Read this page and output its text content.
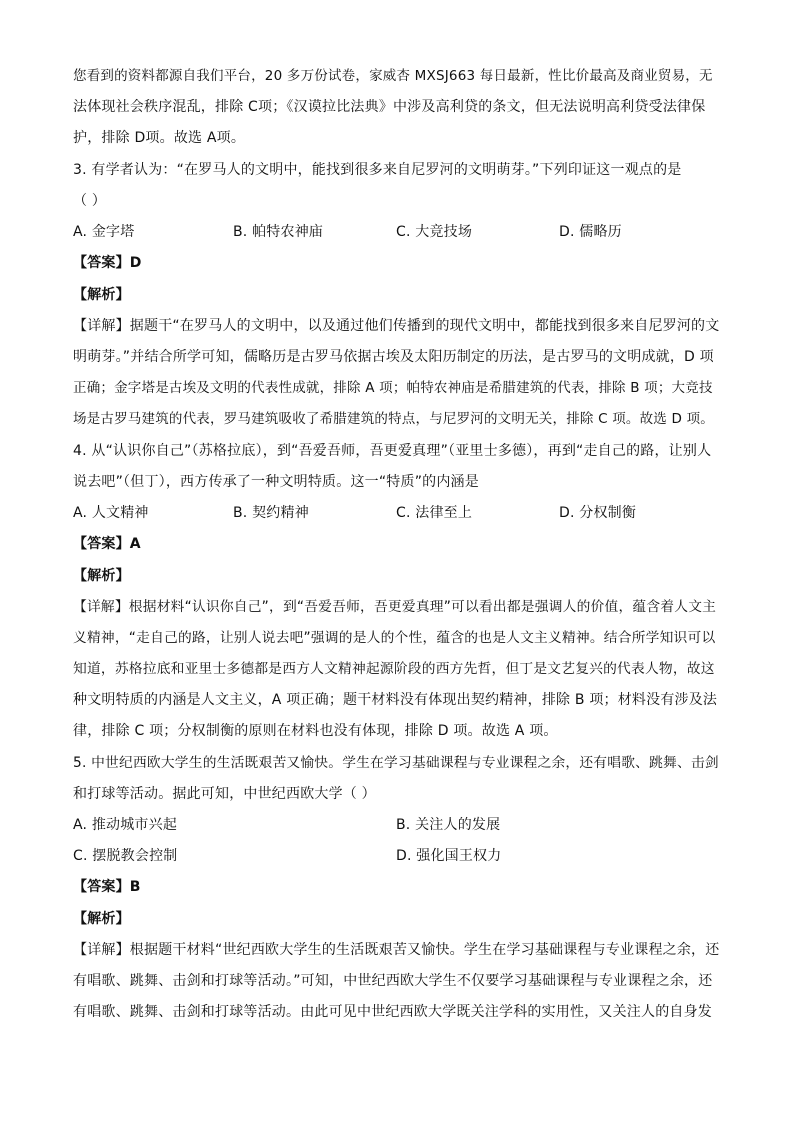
您看到的资料都源自我们平台，20 多万份试卷，家威杏 MXSJ663 每日最新，性比价最高及商业贸易，无
法体现社会秩序混乱，排除 C项；《汉谟拉比法典》中涉及高利贷的条文，但无法说明高利贷受法律保
护，排除 D项。故选 A项。
3. 有学者认为：“在罗马人的文明中，能找到很多来自尼罗河的文明萌芽。”下列印证这一观点的是
（ ）
A. 金字塔	B. 帕特农神庙	C. 大竞技场	D. 儒略历
【答案】D
【解析】
【详解】据题干“在罗马人的文明中，以及通过他们传播到的现代文明中，都能找到很多来自尼罗河的文
明萌芽。”并结合所学可知，儒略历是古罗马依据古埃及太阳历制定的历法，是古罗马的文明成就，D 项
正确；金字塔是古埃及文明的代表性成就，排除 A 项；帕特农神庙是希腊建筑的代表，排除 B 项；大竞技
场是古罗马建筑的代表，罗马建筑吸收了希腊建筑的特点，与尼罗河的文明无关，排除 C 项。故选 D 项。
4. 从“认识你自己”（苏格拉底），到“吾爱吾师，吾更爱真理”（亚里士多德），再到“走自己的路，让别人
说去吧”（但丁），西方传承了一种文明特质。这一“特质”的内涵是
A. 人文精神	B. 契约精神	C. 法律至上	D. 分权制衡
【答案】A
【解析】
【详解】根据材料“认识你自己”，到“吾爱吾师，吾更爱真理”可以看出都是强调人的价值，蕴含着人文主
义精神，“走自己的路，让别人说去吧”强调的是人的个性，蕴含的也是人文主义精神。结合所学知识可以
知道，苏格拉底和亚里士多德都是西方人文精神起源阶段的西方先哲，但丁是文艺复兴的代表人物，故这
种文明特质的内涵是人文主义，A 项正确；题干材料没有体现出契约精神，排除 B 项；材料没有涉及法
律，排除 C 项；分权制衡的原则在材料也没有体现，排除 D 项。故选 A 项。
5. 中世纪西欧大学生的生活既艰苦又愉快。学生在学习基础课程与专业课程之余，还有唱歌、跳舞、击剑
和打球等活动。据此可知，中世纪西欧大学（ ）
A. 推动城市兴起	B. 关注人的发展
C. 摆脱教会控制	D. 强化国王权力
【答案】B
【解析】
【详解】根据题干材料“世纪西欧大学生的生活既艰苦又愉快。学生在学习基础课程与专业课程之余，还
有唱歌、跳舞、击剑和打球等活动。”可知，中世纪西欧大学生不仅要学习基础课程与专业课程之余，还
有唱歌、跳舞、击剑和打球等活动。由此可见中世纪西欧大学既关注学科的实用性，又关注人的自身发
